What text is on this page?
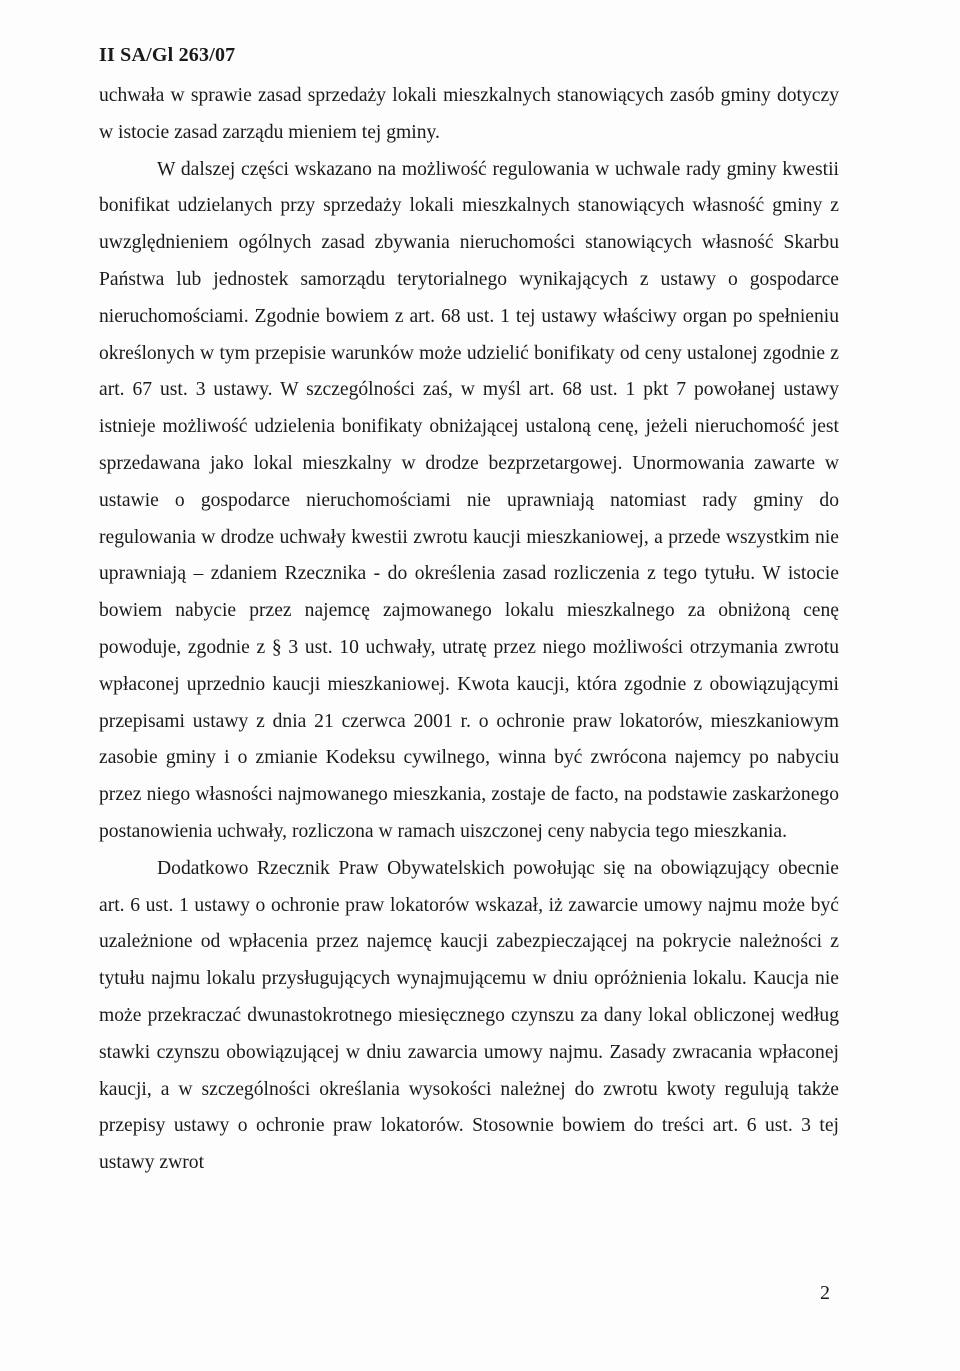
II SA/Gl 263/07

uchwała w sprawie zasad sprzedaży lokali mieszkalnych stanowiących zasób gminy dotyczy w istocie zasad zarządu mieniem tej gminy.

W dalszej części wskazano na możliwość regulowania w uchwale rady gminy kwestii bonifikat udzielanych przy sprzedaży lokali mieszkalnych stanowiących własność gminy z uwzględnieniem ogólnych zasad zbywania nieruchomości stanowiących własność Skarbu Państwa lub jednostek samorządu terytorialnego wynikających z ustawy o gospodarce nieruchomościami. Zgodnie bowiem z art. 68 ust. 1 tej ustawy właściwy organ po spełnieniu określonych w tym przepisie warunków może udzielić bonifikaty od ceny ustalonej zgodnie z art. 67 ust. 3 ustawy. W szczególności zaś, w myśl art. 68 ust. 1 pkt 7 powołanej ustawy istnieje możliwość udzielenia bonifikaty obniżającej ustaloną cenę, jeżeli nieruchomość jest sprzedawana jako lokal mieszkalny w drodze bezprzetargowej. Unormowania zawarte w ustawie o gospodarce nieruchomościami nie uprawniają natomiast rady gminy do regulowania w drodze uchwały kwestii zwrotu kaucji mieszkaniowej, a przede wszystkim nie uprawniają – zdaniem Rzecznika - do określenia zasad rozliczenia z tego tytułu. W istocie bowiem nabycie przez najemcę zajmowanego lokalu mieszkalnego za obniżoną cenę powoduje, zgodnie z § 3 ust. 10 uchwały, utratę przez niego możliwości otrzymania zwrotu wpłaconej uprzednio kaucji mieszkaniowej. Kwota kaucji, która zgodnie z obowiązującymi przepisami ustawy z dnia 21 czerwca 2001 r. o ochronie praw lokatorów, mieszkaniowym zasobie gminy i o zmianie Kodeksu cywilnego, winna być zwrócona najemcy po nabyciu przez niego własności najmowanego mieszkania, zostaje de facto, na podstawie zaskarżonego postanowienia uchwały, rozliczona w ramach uiszczonej ceny nabycia tego mieszkania.

Dodatkowo Rzecznik Praw Obywatelskich powołując się na obowiązujący obecnie art. 6 ust. 1 ustawy o ochronie praw lokatorów wskazał, iż zawarcie umowy najmu może być uzależnione od wpłacenia przez najemcę kaucji zabezpieczającej na pokrycie należności z tytułu najmu lokalu przysługujących wynajmującemu w dniu opróżnienia lokalu. Kaucja nie może przekraczać dwunastokrotnego miesięcznego czynszu za dany lokal obliczonej według stawki czynszu obowiązującej w dniu zawarcia umowy najmu. Zasady zwracania wpłaconej kaucji, a w szczególności określania wysokości należnej do zwrotu kwoty regulują także przepisy ustawy o ochronie praw lokatorów. Stosownie bowiem do treści art. 6 ust. 3 tej ustawy zwrot

2
